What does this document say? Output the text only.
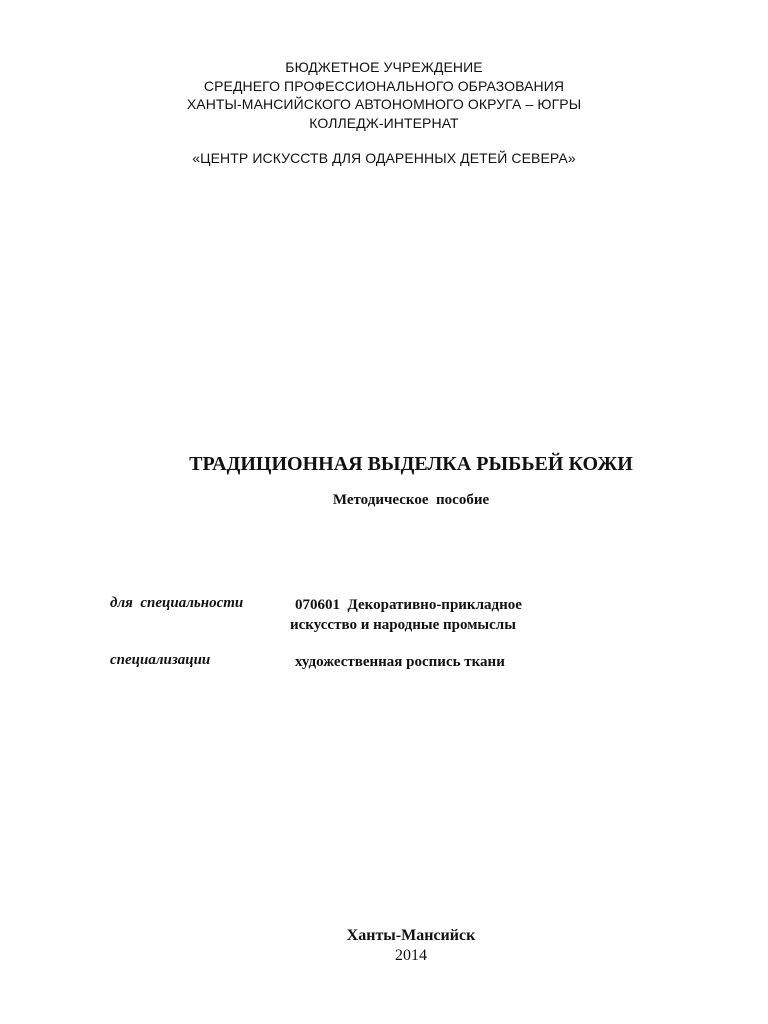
БЮДЖЕТНОЕ УЧРЕЖДЕНИЕ
СРЕДНЕГО ПРОФЕССИОНАЛЬНОГО ОБРАЗОВАНИЯ
ХАНТЫ-МАНСИЙСКОГО АВТОНОМНОГО ОКРУГА – ЮГРЫ
КОЛЛЕДЖ-ИНТЕРНАТ
«ЦЕНТР ИСКУССТВ ДЛЯ ОДАРЕННЫХ ДЕТЕЙ СЕВЕРА»
ТРАДИЦИОННАЯ ВЫДЕЛКА РЫБЬЕЙ КОЖИ
Методическое  пособие
для  специальности	070601  Декоративно-прикладное
искусство и народные промыслы
специализации	художественная роспись ткани
Ханты-Мансийск
2014
